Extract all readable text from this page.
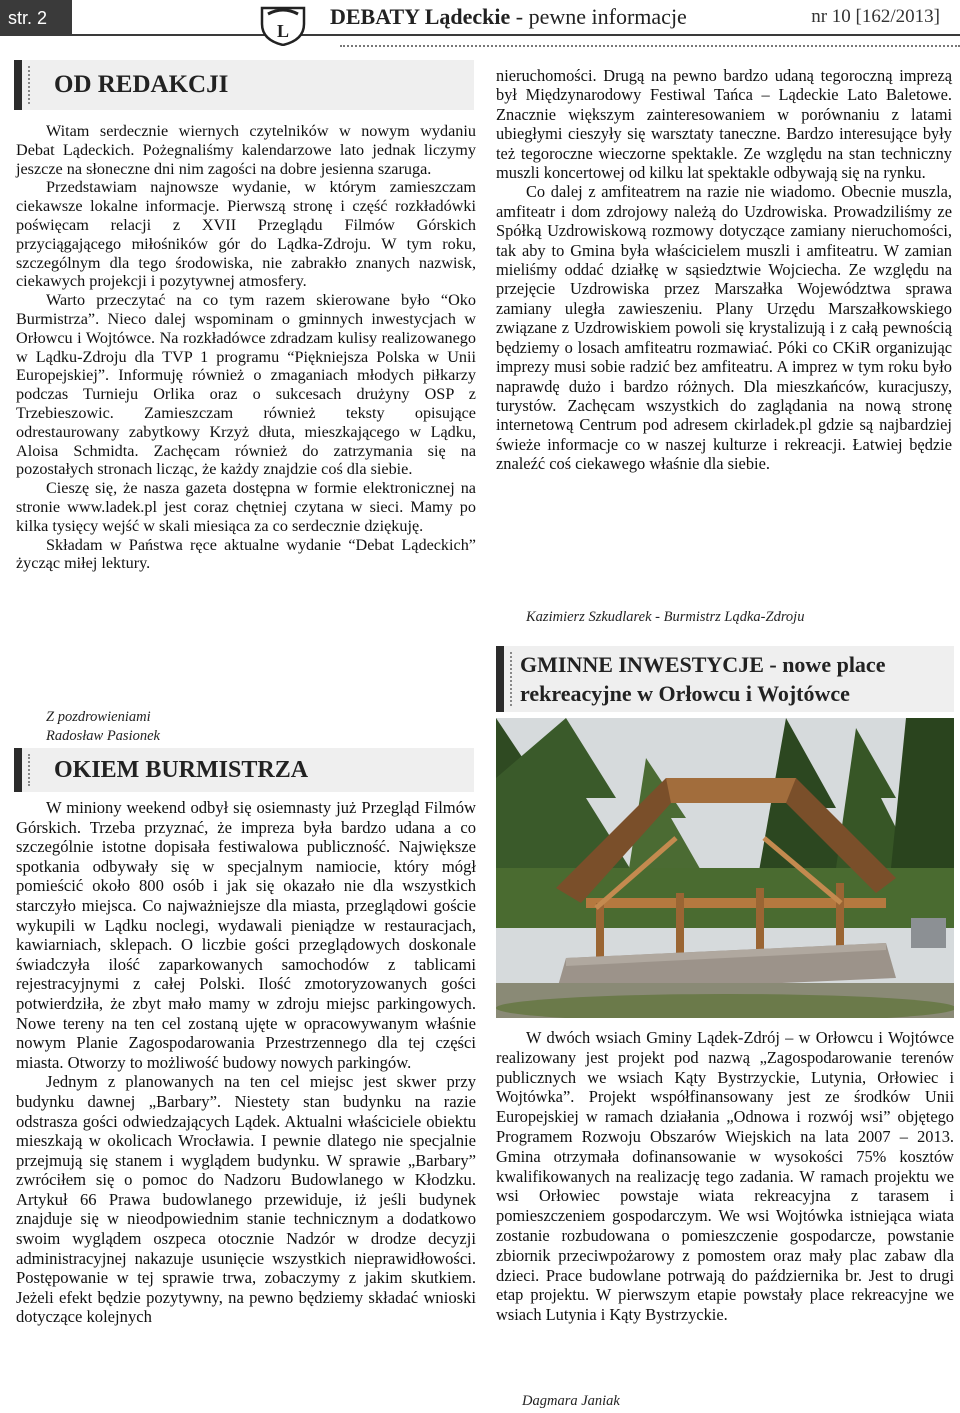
str. 2
L
DEBATY Lądeckie - pewne informacje	nr 10 [162/2013]
OD REDAKCJI

Witam serdecznie wiernych czytelników w nowym wydaniu Debat Lądeckich. Pożegnaliśmy kalendarzowe lato jednak liczymy jeszcze na słoneczne dni nim zagości na dobre jesienna szaruga.

Przedstawiam najnowsze wydanie, w którym zamieszczam ciekawsze lokalne informacje. Pierwszą stronę i część rozkładówki poświęcam relacji z XVII Przeglądu Filmów Górskich przyciągającego miłośników gór do Lądka-Zdroju. W tym roku, szczególnym dla tego środowiska, nie zabrakło znanych nazwisk, ciekawych projekcji i pozytywnej atmosfery.

Warto przeczytać na co tym razem skierowane było “Oko Burmistrza”. Nieco dalej wspominam o gminnych inwestycjach w Orłowcu i Wojtówce. Na rozkładówce zdradzam kulisy realizowanego w Lądku-Zdroju dla TVP 1 programu “Piękniejsza Polska w Unii Europejskiej”. Informuję również o zmaganiach młodych piłkarzy podczas Turnieju Orlika oraz o sukcesach drużyny OSP z Trzebieszowic. Zamieszczam również teksty opisujące odrestaurowany zabytkowy Krzyż dłuta, mieszkającego w Lądku, Aloisa Schmidta. Zachęcam również do zatrzymania się na pozostałych stronach licząc, że każdy znajdzie coś dla siebie.

Cieszę się, że nasza gazeta dostępna w formie elektronicznej na stronie www.ladek.pl jest coraz chętniej czytana w sieci. Mamy po kilka tysięcy wejść w skali miesiąca za co serdecznie dziękuję.

Składam w Państwa ręce aktualne wydanie “Debat Lądeckich” życząc miłej lektury.

Z pozdrowieniami
Radosław Pasionek
OKIEM BURMISTRZA

W miniony weekend odbył się osiemnasty już Przegląd Filmów Górskich. Trzeba przyznać, że impreza była bardzo udana a co szczególnie istotne dopisała festiwalowa publiczność. Największe spotkania odbywały się w specjalnym namiocie, który mógł pomieścić około 800 osób i jak się okazało nie dla wszystkich starczyło miejsca. Co najważniejsze dla miasta, przeglądowi goście wykupili w Lądku noclegi, wydawali pieniądze w restauracjach, kawiarniach, sklepach. O liczbie gości przeglądowych doskonale świadczyła ilość zaparkowanych samochodów z tablicami rejestracyjnymi z całej Polski. Ilość zmotoryzowanych gości potwierdziła, że zbyt mało mamy w zdroju miejsc parkingowych. Nowe tereny na ten cel zostaną ujęte w opracowywanym właśnie nowym Planie Zagospodarowania Przestrzennego dla tej części miasta. Otworzy to możliwość budowy nowych parkingów.

Jednym z planowanych na ten cel miejsc jest skwer przy budynku dawnej „Barbary”. Niestety stan budynku na razie odstrasza gości odwiedzających Lądek. Aktualni właściciele obiektu mieszkają w okolicach Wrocławia. I pewnie dlatego nie specjalnie przejmują się stanem i wyglądem budynku. W sprawie „Barbary” zwróciłem się o pomoc do Nadzoru Budowlanego w Kłodzku. Artykuł 66 Prawa budowlanego przewiduje, iż jeśli budynek znajduje się w nieodpowiednim stanie technicznym a dodatkowo swoim wyglądem oszpeca otocznie Nadzór w drodze decyzji administracyjnej nakazuje usunięcie wszystkich nieprawidłowości. Postępowanie w tej sprawie trwa, zobaczymy z jakim skutkiem. Jeżeli efekt będzie pozytywny, na pewno będziemy składać wnioski dotyczące kolejnych

nieruchomości. Drugą na pewno bardzo udaną tegoroczną imprezą był Międzynarodowy Festiwal Tańca – Lądeckie Lato Baletowe. Znacznie większym zainteresowaniem w porównaniu z latami ubiegłymi cieszyły się warsztaty taneczne. Bardzo interesujące były też tegoroczne wieczorne spektakle. Ze względu na stan techniczny muszli koncertowej od kilku lat spektakle odbywają się na rynku.

Co dalej z amfiteatrem na razie nie wiadomo. Obecnie muszla, amfiteatr i dom zdrojowy należą do Uzdrowiska. Prowadziliśmy ze Spółką Uzdrowiskową rozmowy dotyczące zamiany nieruchomości, tak aby to Gmina była właścicielem muszli i amfiteatru. W zamian mieliśmy oddać działkę w sąsiedztwie Wojciecha. Ze względu na przejęcie Uzdrowiska przez Marszałka Województwa sprawa zamiany uległa zawieszeniu. Plany Urzędu Marszałkowskiego związane z Uzdrowiskiem powoli się krystalizują i z całą pewnością będziemy o losach amfiteatru rozmawiać. Póki co CKiR organizując imprezy musi sobie radzić bez amfiteatru. A imprez w tym roku było naprawdę dużo i bardzo różnych. Dla mieszkańców, kuracjuszy, turystów. Zachęcam wszystkich do zaglądania na nową stronę internetową Centrum pod adresem ckirladek.pl gdzie są najbardziej świeże informacje co w naszej kulturze i rekreacji. Łatwiej będzie znaleźć coś ciekawego właśnie dla siebie.

Kazimierz Szkudlarek - Burmistrz Lądka-Zdroju
GMINNE INWESTYCJE - nowe place
rekreacyjne w Orłowcu i Wojtówce

W dwóch wsiach Gminy Lądek-Zdrój – w Orłowcu i Wojtówce realizowany jest projekt pod nazwą „Zagospodarowanie terenów publicznych we wsiach Kąty Bystrzyckie, Lutynia, Orłowiec i Wojtówka”. Projekt współfinansowany jest ze środków Unii Europejskiej w ramach działania „Odnowa i rozwój wsi” objętego Programem Rozwoju Obszarów Wiejskich na lata 2007 – 2013. Gmina otrzymała dofinansowanie w wysokości 75% kosztów kwalifikowanych na realizację tego zadania. W ramach projektu we wsi Orłowiec powstaje wiata rekreacyjna z tarasem i pomieszczeniem gospodarczym. We wsi Wojtówka istniejąca wiata zostanie rozbudowana o pomieszczenie gospodarcze, powstanie zbiornik przeciwpożarowy z pomostem oraz mały plac zabaw dla dzieci. Prace budowlane potrwają do października br. Jest to drugi etap projektu. W pierwszym etapie powstały place rekreacyjne we wsiach Lutynia i Kąty Bystrzyckie.

Dagmara Janiak
